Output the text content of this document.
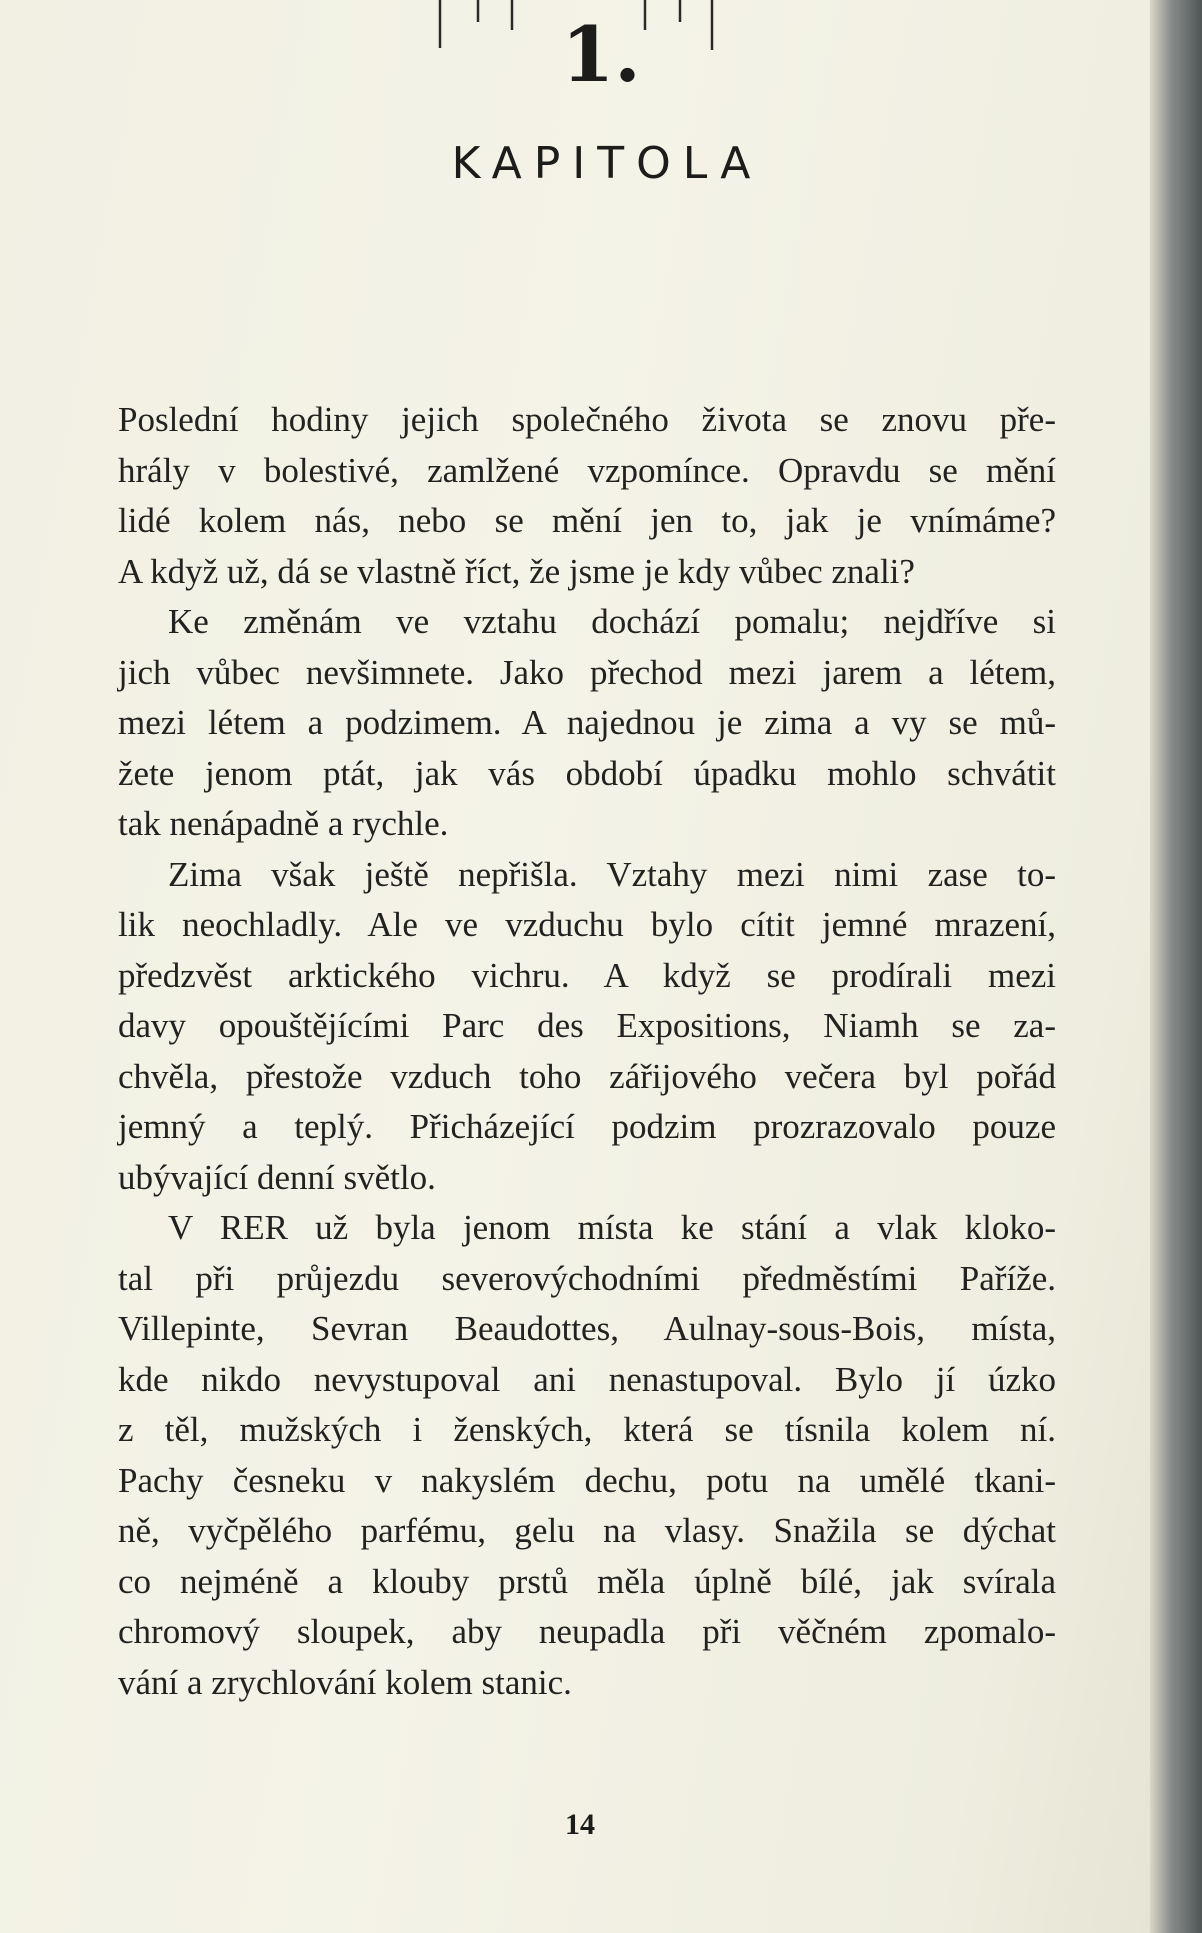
1.
KAPITOLA
Poslední hodiny jejich společného života se znovu pře-
hrály v bolestivé, zamlžené vzpomínce. Opravdu se mění
lidé kolem nás, nebo se mění jen to, jak je vnímáme?
A když už, dá se vlastně říct, že jsme je kdy vůbec znali?
Ke změnám ve vztahu dochází pomalu; nejdříve si
jich vůbec nevšimnete. Jako přechod mezi jarem a létem,
mezi létem a podzimem. A najednou je zima a vy se mů-
žete jenom ptát, jak vás období úpadku mohlo schvátit
tak nenápadně a rychle.
Zima však ještě nepřišla. Vztahy mezi nimi zase to-
lik neochladly. Ale ve vzduchu bylo cítit jemné mrazení,
předzvěst arktického vichru. A když se prodírali mezi
davy opouštějícími Parc des Expositions, Niamh se za-
chvěla, přestože vzduch toho zářijového večera byl pořád
jemný a teplý. Přicházející podzim prozrazovalo pouze
ubývající denní světlo.
V RER už byla jenom místa ke stání a vlak kloko-
tal při průjezdu severovýchodními předměstími Paříže.
Villepinte, Sevran Beaudottes, Aulnay-sous-Bois, místa,
kde nikdo nevystupoval ani nenastupoval. Bylo jí úzko
z těl, mužských i ženských, která se tísnila kolem ní.
Pachy česneku v nakyslém dechu, potu na umělé tkani-
ně, vyčpělého parfému, gelu na vlasy. Snažila se dýchat
co nejméně a klouby prstů měla úplně bílé, jak svírala
chromový sloupek, aby neupadla při věčném zpomalo-
vání a zrychlování kolem stanic.
14
